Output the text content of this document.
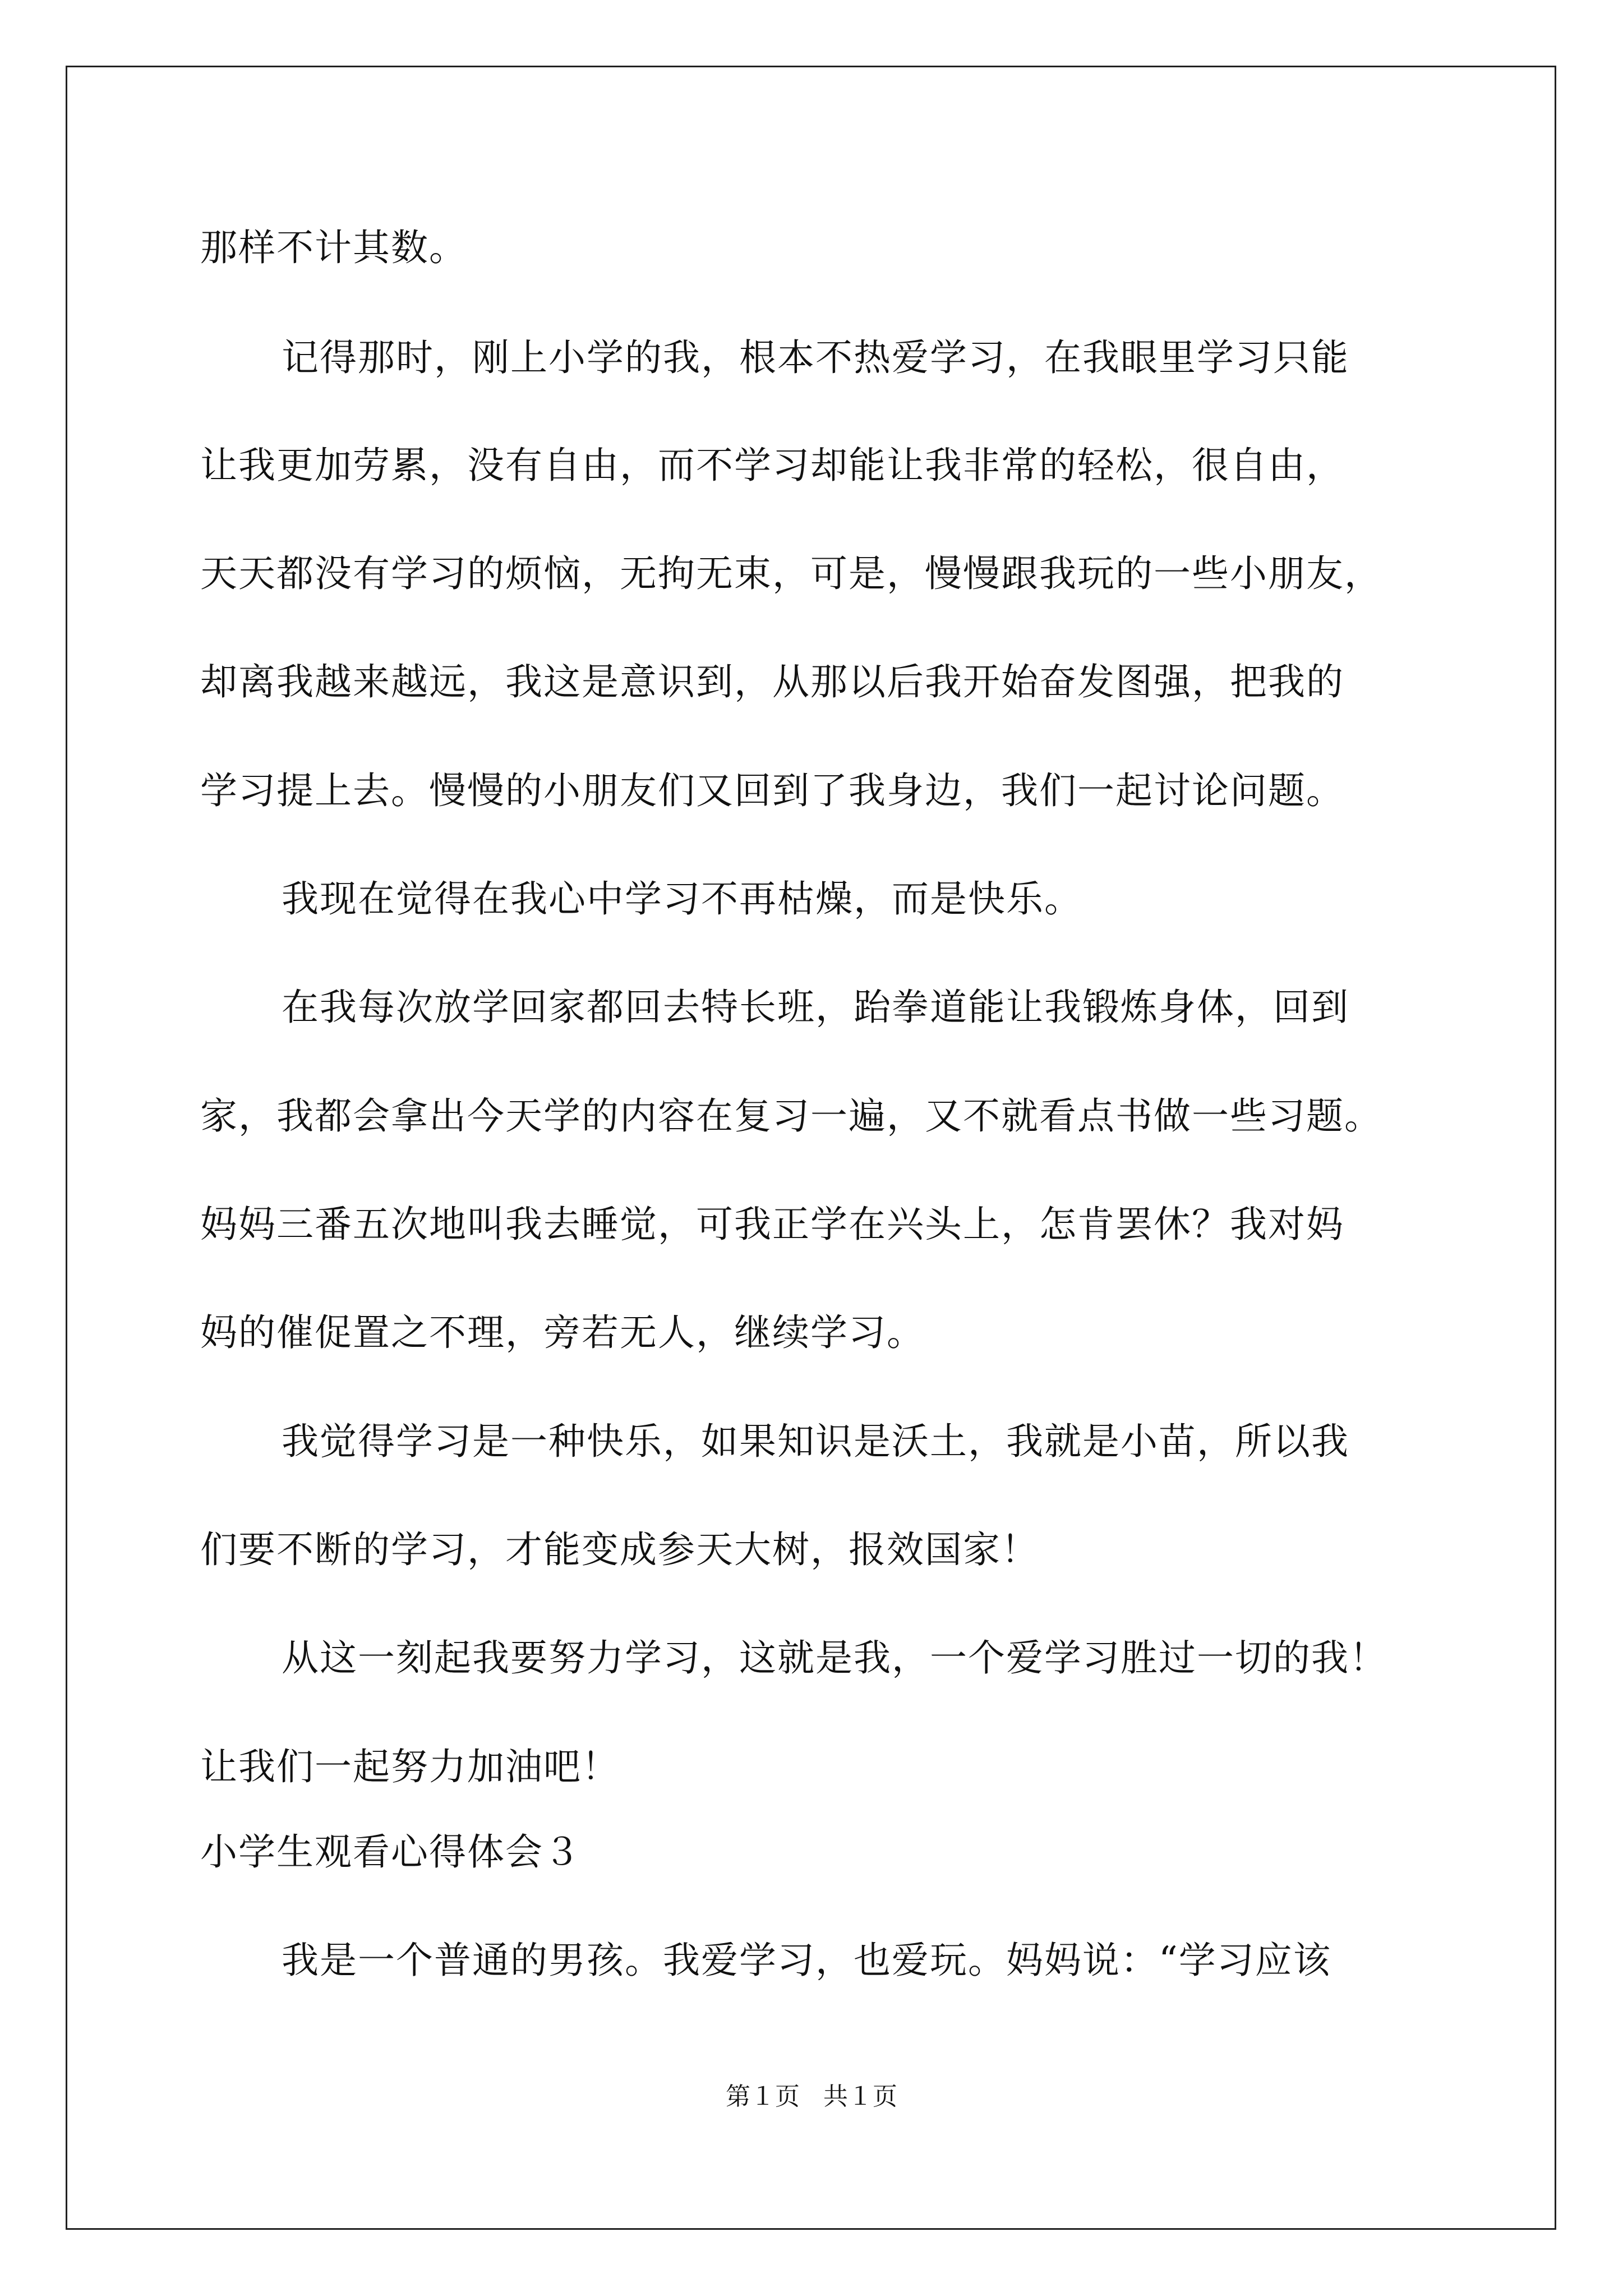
那样不计其数。
记得那时，刚上小学的我，根本不热爱学习，在我眼里学习只能
让我更加劳累，没有自由，而不学习却能让我非常的轻松，很自由，
天天都没有学习的烦恼，无拘无束，可是，慢慢跟我玩的一些小朋友，
却离我越来越远，我这是意识到，从那以后我开始奋发图强，把我的
学习提上去。慢慢的小朋友们又回到了我身边，我们一起讨论问题。
我现在觉得在我心中学习不再枯燥，而是快乐。
在我每次放学回家都回去特长班，跆拳道能让我锻炼身体，回到
家，我都会拿出今天学的内容在复习一遍，又不就看点书做一些习题。
妈妈三番五次地叫我去睡觉，可我正学在兴头上，怎肯罢休？我对妈
妈的催促置之不理，旁若无人，继续学习。
我觉得学习是一种快乐，如果知识是沃土，我就是小苗，所以我
们要不断的学习，才能变成参天大树，报效国家！
从这一刻起我要努力学习，这就是我，一个爱学习胜过一切的我！
让我们一起努力加油吧！
小学生观看心得体会３
我是一个普通的男孩。我爱学习，也爱玩。妈妈说：“学习应该
第１页 共１页
